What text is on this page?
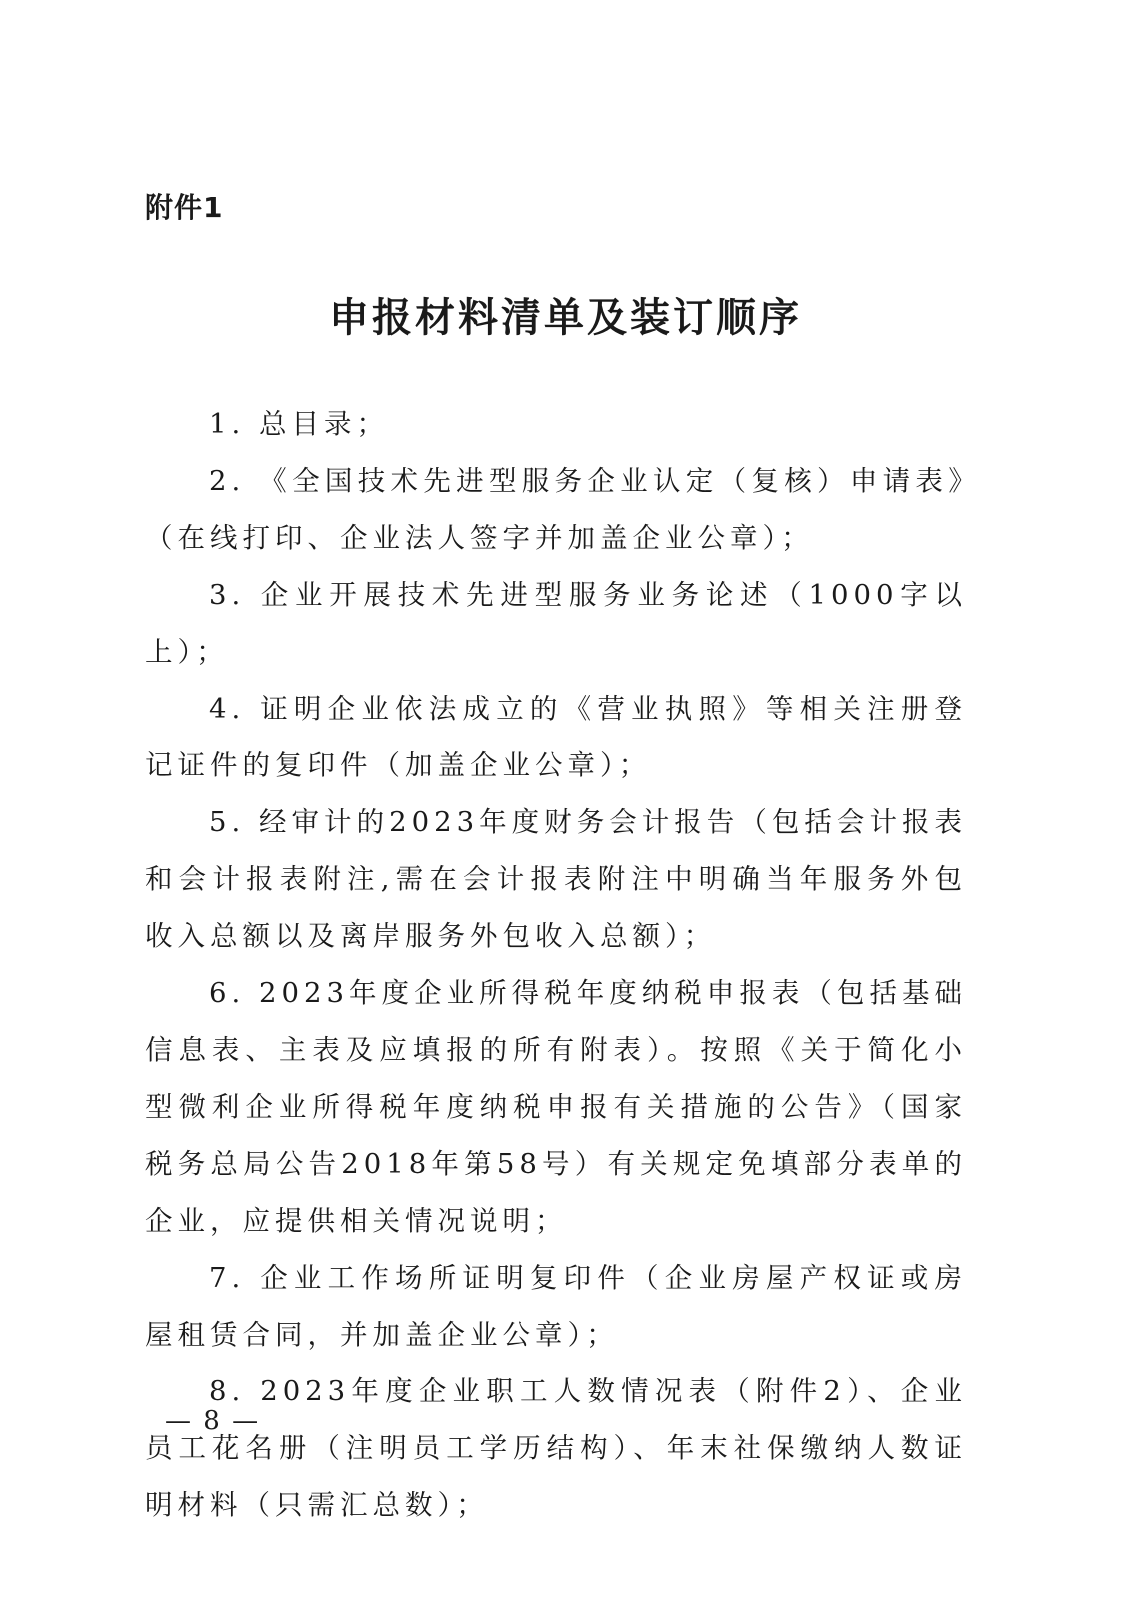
附件1
申报材料清单及装订顺序

1. 总目录；

2. 《全国技术先进型服务企业认定（复核）申请表》（在线打印、企业法人签字并加盖企业公章）；

3. 企业开展技术先进型服务业务论述（1000字以上）；

4. 证明企业依法成立的《营业执照》等相关注册登记证件的复印件（加盖企业公章）；

5. 经审计的2023年度财务会计报告（包括会计报表和会计报表附注,需在会计报表附注中明确当年服务外包收入总额以及离岸服务外包收入总额）；

6. 2023年度企业所得税年度纳税申报表（包括基础信息表、主表及应填报的所有附表）。按照《关于简化小型微利企业所得税年度纳税申报有关措施的公告》（国家税务总局公告2018年第58号）有关规定免填部分表单的企业，应提供相关情况说明；

7. 企业工作场所证明复印件（企业房屋产权证或房屋租赁合同，并加盖企业公章）；

8. 2023年度企业职工人数情况表（附件2）、企业员工花名册（注明员工学历结构）、年末社保缴纳人数证明材料（只需汇总数）；

— 8 —
